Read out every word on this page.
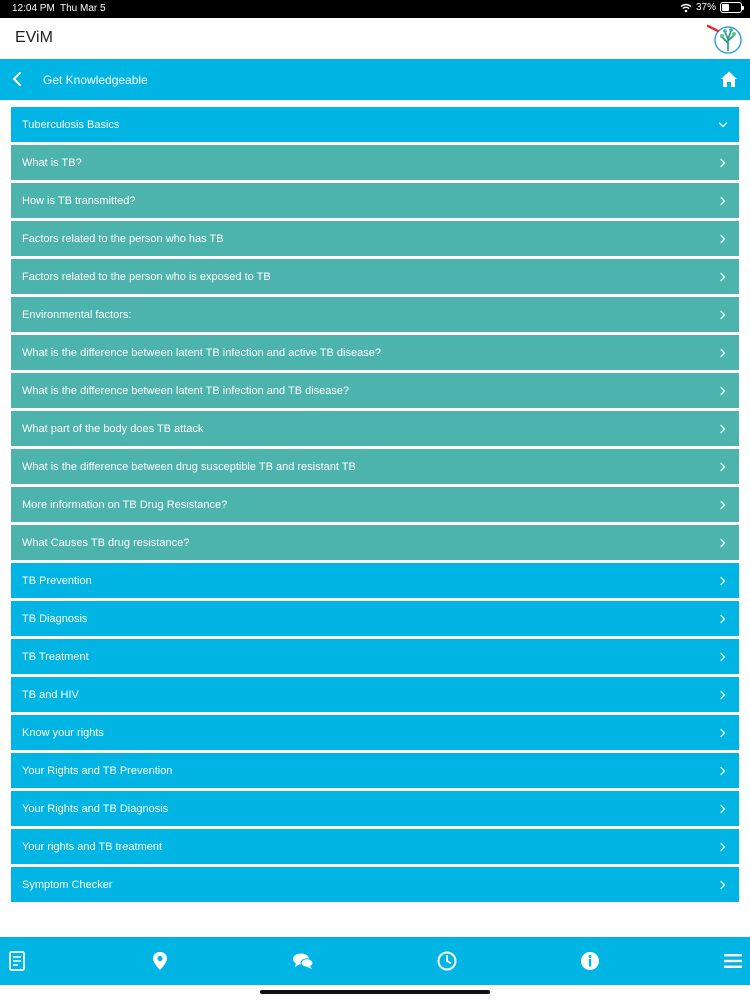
12:04 PM Thu Mar 5	37%
EViM
Get Knowledgeable
Tuberculosis Basics
What is TB?
How is TB transmitted?
Factors related to the person who has TB
Factors related to the person who is exposed to TB
Environmental factors:
What is the difference between latent TB infection and active TB disease?
What is the difference between latent TB infection and TB disease?
What part of the body does TB attack
What is the difference between drug susceptible TB and resistant TB
More information on TB Drug Resistance?
What Causes TB drug resistance?
TB Prevention
TB Diagnosis
TB Treatment
TB and HIV
Know your rights
Your Rights and TB Prevention
Your Rights and TB Diagnosis
Your rights and TB treatment
Symptom Checker
